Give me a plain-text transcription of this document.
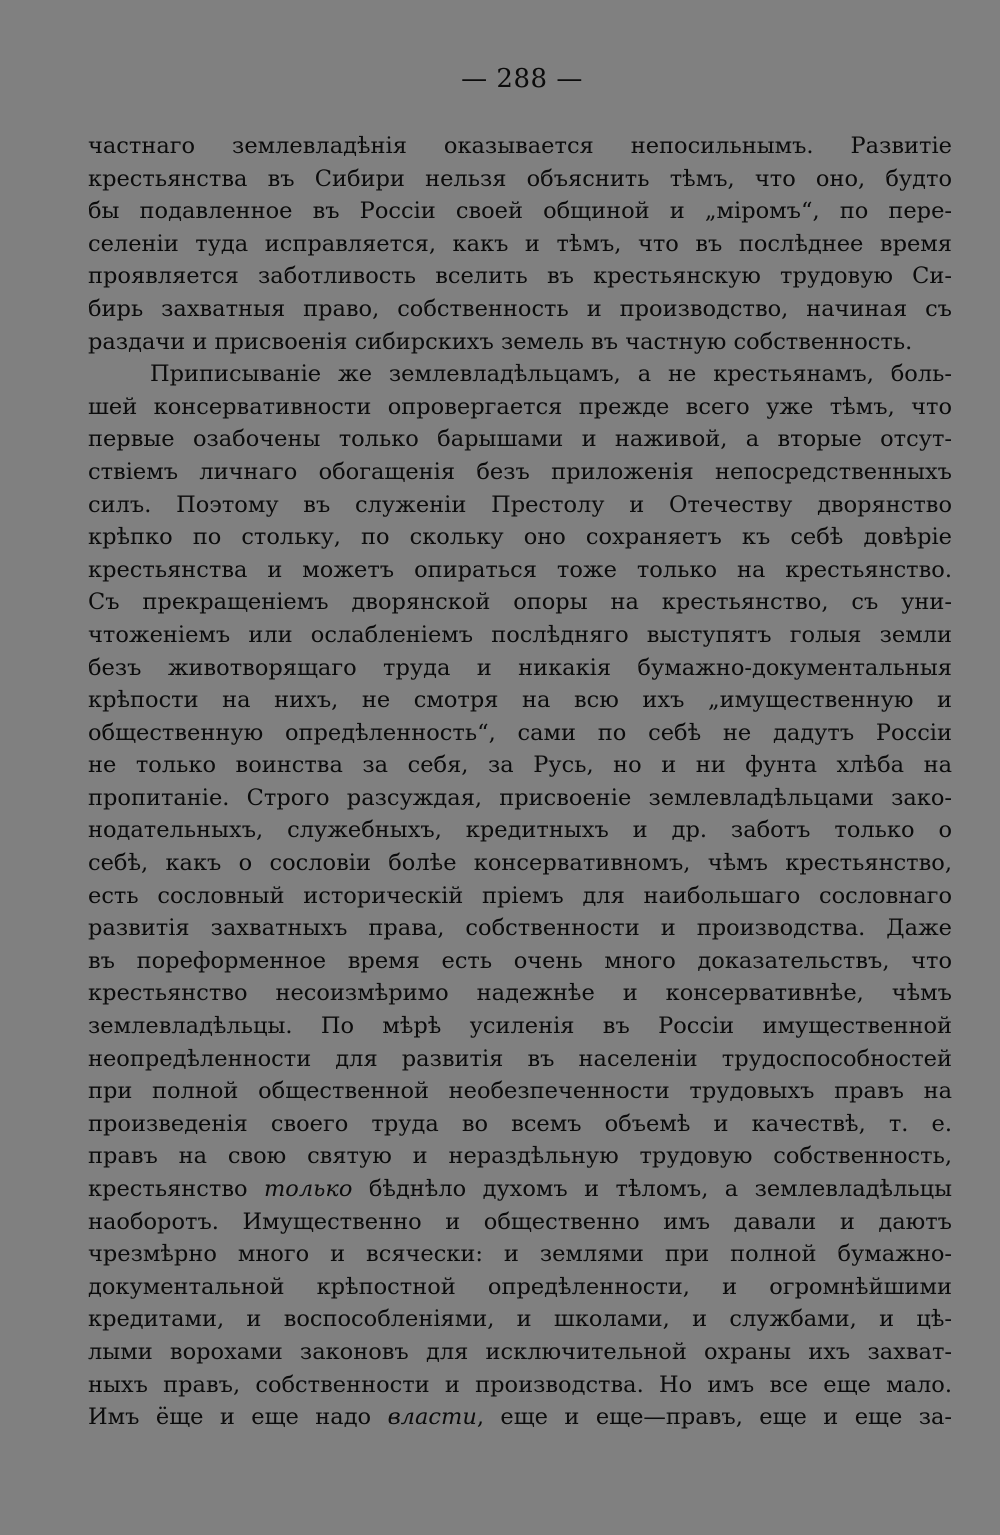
— 288 —
частнаго землевладѣнія оказывается непосильнымъ. Развитіе
крестьянства въ Сибири нельзя объяснить тѣмъ, что оно, будто
бы подавленное въ Россіи своей общиной и „міромъ“, по пере-
селеніи туда исправляется, какъ и тѣмъ, что въ послѣднее время
проявляется заботливость вселить въ крестьянскую трудовую Си-
бирь захватныя право, собственность и производство, начиная съ
раздачи и присвоенія сибирскихъ земель въ частную собственность.
Приписываніе же землевладѣльцамъ, а не крестьянамъ, боль-
шей консервативности опровергается прежде всего уже тѣмъ, что
первые озабочены только барышами и наживой, а вторые отсут-
ствіемъ личнаго обогащенія безъ приложенія непосредственныхъ
силъ. Поэтому въ служеніи Престолу и Отечеству дворянство
крѣпко по стольку, по скольку оно сохраняетъ къ себѣ довѣріе
крестьянства и можетъ опираться тоже только на крестьянство.
Съ прекращеніемъ дворянской опоры на крестьянство, съ уни-
чтоженіемъ или ослабленіемъ послѣдняго выступятъ голыя земли
безъ животворящаго труда и никакія бумажно-документальныя
крѣпости на нихъ, не смотря на всю ихъ „имущественную и
общественную опредѣленность“, сами по себѣ не дадутъ Россіи
не только воинства за себя, за Русь, но и ни фунта хлѣба на
пропитаніе. Строго разсуждая, присвоеніе землевладѣльцами зако-
нодательныхъ, служебныхъ, кредитныхъ и др. заботъ только о
себѣ, какъ о сословіи болѣе консервативномъ, чѣмъ крестьянство,
есть сословный историческій пріемъ для наибольшаго сословнаго
развитія захватныхъ права, собственности и производства. Даже
въ пореформенное время есть очень много доказательствъ, что
крестьянство несоизмѣримо надежнѣе и консервативнѣе, чѣмъ
землевладѣльцы. По мѣрѣ усиленія въ Россіи имущественной
неопредѣленности для развитія въ населеніи трудоспособностей
при полной общественной необезпеченности трудовыхъ правъ на
произведенія своего труда во всемъ объемѣ и качествѣ, т. е.
правъ на свою святую и нераздѣльную трудовую собственность,
крестьянство только бѣднѣло духомъ и тѣломъ, а землевладѣльцы
наоборотъ. Имущественно и общественно имъ давали и даютъ
чрезмѣрно много и всячески: и землями при полной бумажно-
документальной крѣпостной опредѣленности, и огромнѣйшими
кредитами, и воспособленіями, и школами, и службами, и цѣ-
лыми ворохами законовъ для исключительной охраны ихъ захват-
ныхъ правъ, собственности и производства. Но имъ все еще мало.
Имъ ёще и еще надо власти, еще и еще—правъ, еще и еще за-
